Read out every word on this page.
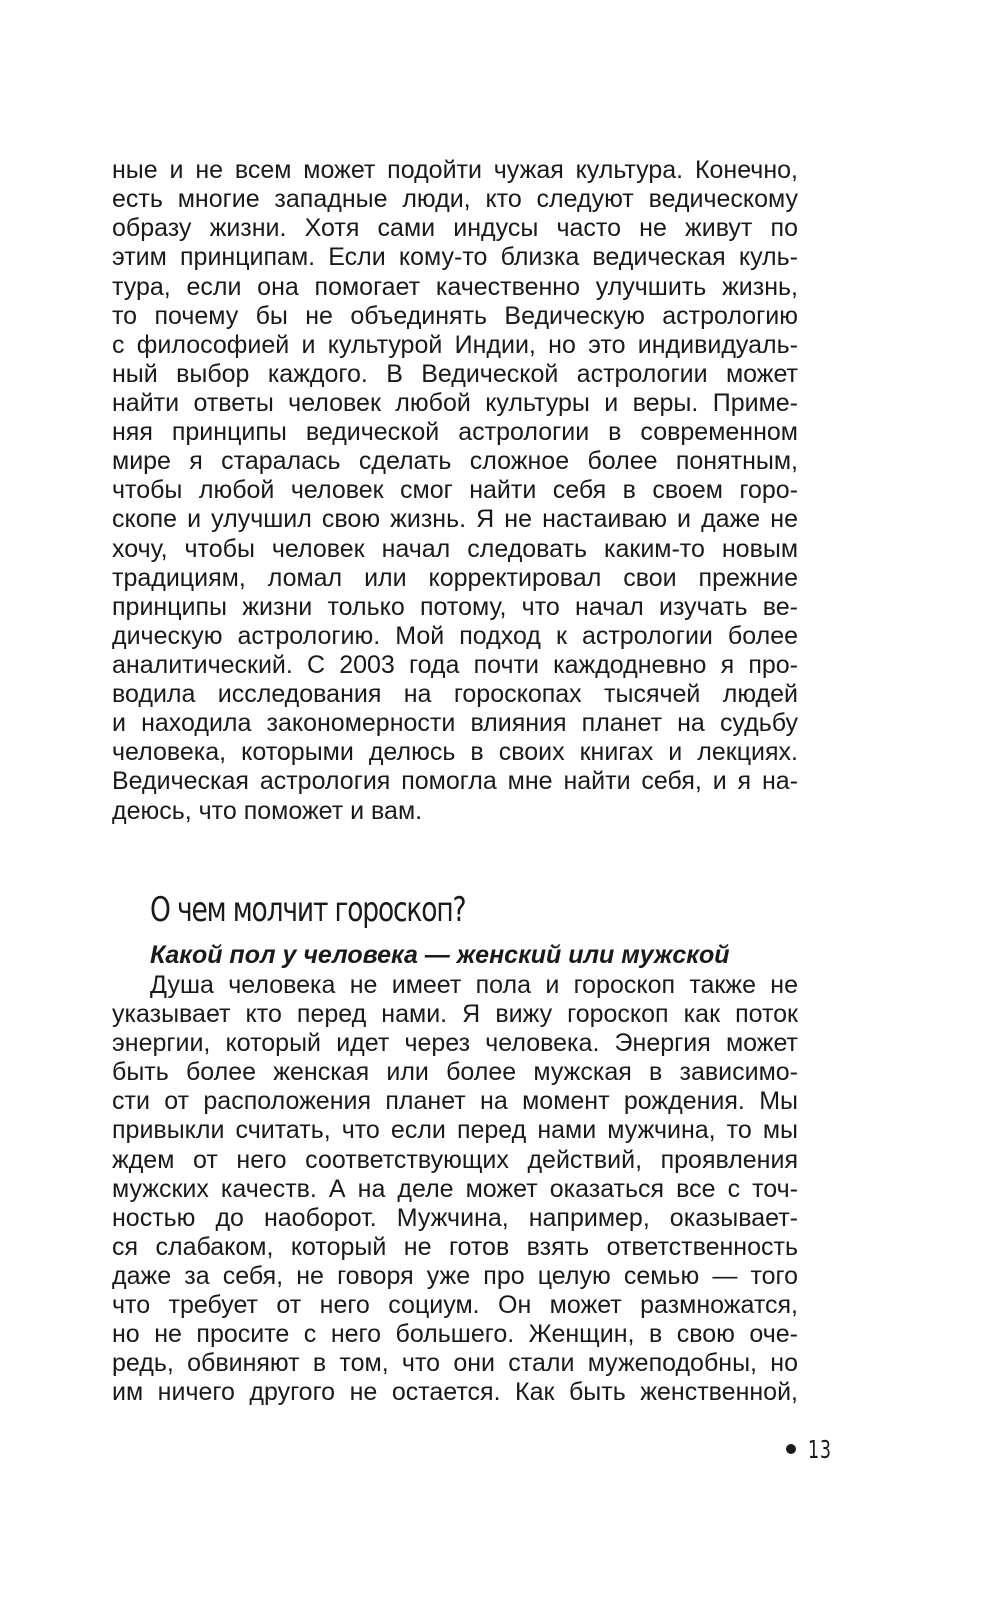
ные и не всем может подойти чужая культура. Конечно,
есть многие западные люди, кто следуют ведическому
образу жизни. Хотя сами индусы часто не живут по
этим принципам. Если кому-то близка ведическая куль-
тура, если она помогает качественно улучшить жизнь,
то почему бы не объединять Ведическую астрологию
с философией и культурой Индии, но это индивидуаль-
ный выбор каждого. В Ведической астрологии может
найти ответы человек любой культуры и веры. Приме-
няя принципы ведической астрологии в современном
мире я старалась сделать сложное более понятным,
чтобы любой человек смог найти себя в своем горо-
скопе и улучшил свою жизнь. Я не настаиваю и даже не
хочу, чтобы человек начал следовать каким-то новым
традициям, ломал или корректировал свои прежние
принципы жизни только потому, что начал изучать ве-
дическую астрологию. Мой подход к астрологии более
аналитический. С 2003 года почти каждодневно я про-
водила исследования на гороскопах тысячей людей
и находила закономерности влияния планет на судьбу
человека, которыми делюсь в своих книгах и лекциях.
Ведическая астрология помогла мне найти себя, и я на-
деюсь, что поможет и вам.
О чем молчит гороскоп?
Какой пол у человека — женский или мужской
Душа человека не имеет пола и гороскоп также не
указывает кто перед нами. Я вижу гороскоп как поток
энергии, который идет через человека. Энергия может
быть более женская или более мужская в зависимо-
сти от расположения планет на момент рождения. Мы
привыкли считать, что если перед нами мужчина, то мы
ждем от него соответствующих действий, проявления
мужских качеств. А на деле может оказаться все с точ-
ностью до наоборот. Мужчина, например, оказывает-
ся слабаком, который не готов взять ответственность
даже за себя, не говоря уже про целую семью — того
что требует от него социум. Он может размножатся,
но не просите с него большего. Женщин, в свою оче-
редь, обвиняют в том, что они стали мужеподобны, но
им ничего другого не остается. Как быть женственной,
13
